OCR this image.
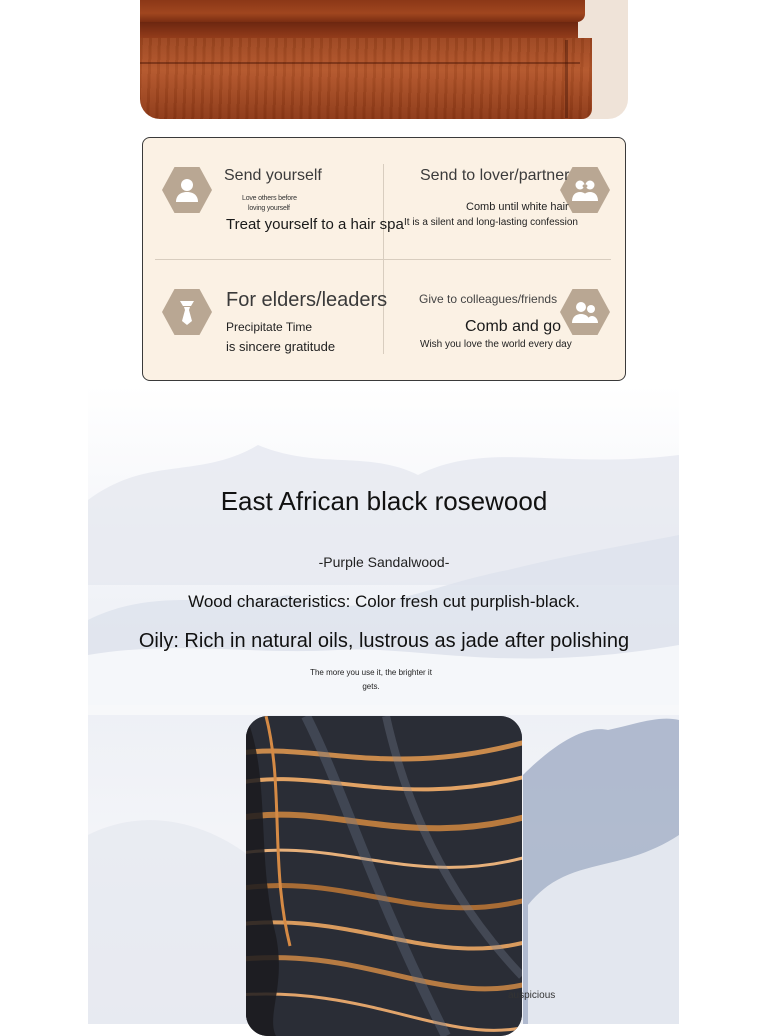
Send yourself
Love others before
loving yourself
Treat yourself to a hair spa
Send to lover/partner
Comb until white hair
It is a silent and long-lasting confession
For elders/leaders
Precipitate Time
is sincere gratitude
Give to colleagues/friends
Comb and go
Wish you love the world every day
East African black rosewood
-Purple Sandalwood-
Wood characteristics: Color fresh cut purplish-black.
Oily: Rich in natural oils, lustrous as jade after polishing
The more you use it, the brighter it
gets.
auspicious
